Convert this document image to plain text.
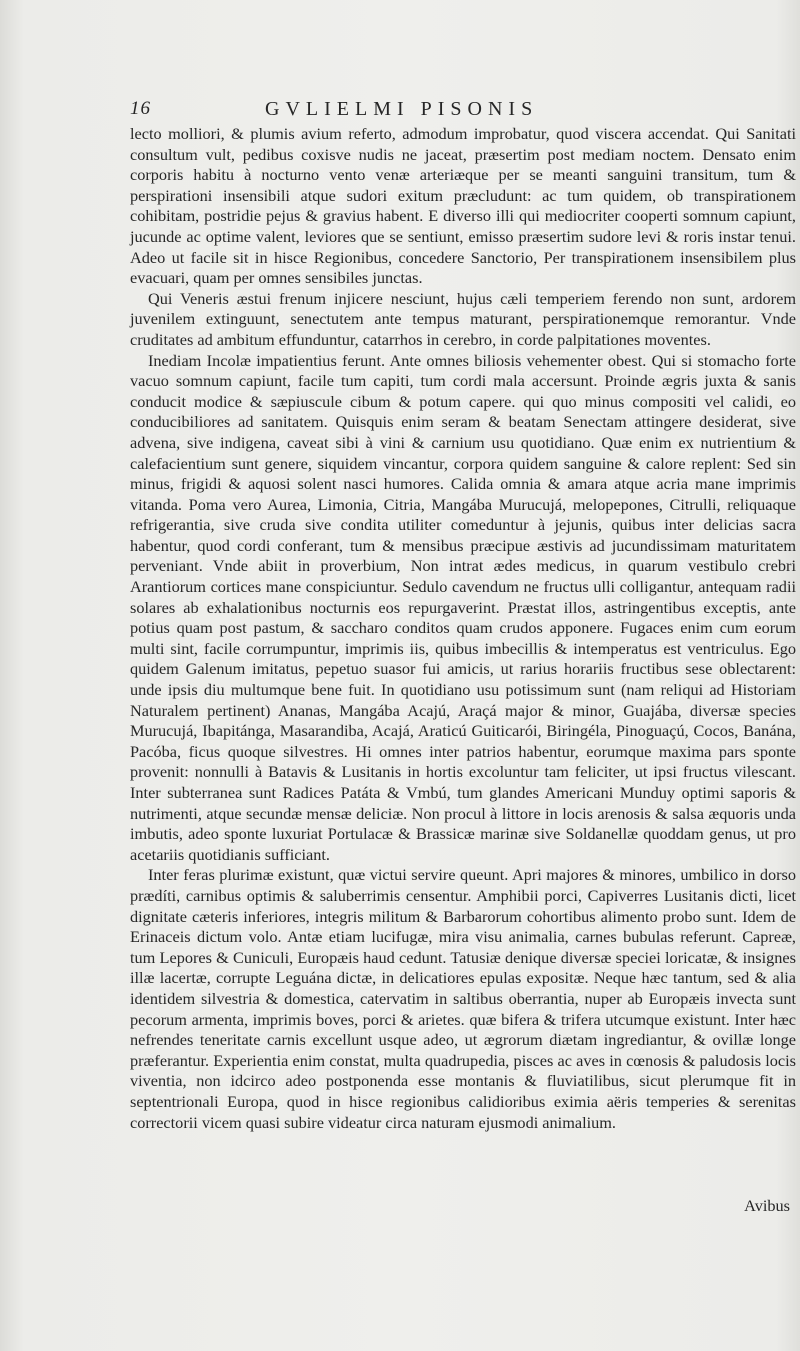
16	GVLIELMI PISONIS

lecto molliori, & plumis avium referto, admodum improbatur, quod viscera accendat. Qui Sanitati consultum vult, pedibus coxisve nudis ne jaceat, præsertim post mediam noctem. Densato enim corporis habitu à nocturno vento venæ arteriæque per se meanti sanguini transitum, tum & perspirationi insensibili atque sudori exitum præcludunt: ac tum quidem, ob transpirationem cohibitam, postridie pejus & gravius habent. E diverso illi qui mediocriter cooperti somnum capiunt, jucunde ac optime valent, leviores que se sentiunt, emisso præsertim sudore levi & roris instar tenui. Adeo ut facile sit in hisce Regionibus, concedere Sanctorio, Per transpirationem insensibilem plus evacuari, quam per omnes sensibiles junctas.

Qui Veneris æstui frenum injicere nesciunt, hujus cæli temperiem ferendo non sunt, ardorem juvenilem extinguunt, senectutem ante tempus maturant, perspirationemque remorantur. Vnde cruditates ad ambitum effunduntur, catarrhos in cerebro, in corde palpitationes moventes.

Inediam Incolæ impatientius ferunt. Ante omnes biliosis vehementer obest. Qui si stomacho forte vacuo somnum capiunt, facile tum capiti, tum cordi mala accersunt. Proinde ægris juxta & sanis conducit modice & sæpiuscule cibum & potum capere. qui quo minus compositi vel calidi, eo conducibiliores ad sanitatem. Quisquis enim seram & beatam Senectam attingere desiderat, sive advena, sive indigena, caveat sibi à vini & carnium usu quotidiano. Quæ enim ex nutrientium & calefacientium sunt genere, siquidem vincantur, corpora quidem sanguine & calore replent: Sed sin minus, frigidi & aquosi solent nasci humores. Calida omnia & amara atque acria mane imprimis vitanda. Poma vero Aurea, Limonia, Citria, Mangába Murucujá, melopepones, Citrulli, reliquaque refrigerantia, sive cruda sive condita utiliter comeduntur à jejunis, quibus inter delicias sacra habentur, quod cordi conferant, tum & mensibus præcipue æstivis ad jucundissimam maturitatem perveniant. Vnde abiit in proverbium, Non intrat ædes medicus, in quarum vestibulo crebri Arantiorum cortices mane conspiciuntur. Sedulo cavendum ne fructus ulli colligantur, antequam radii solares ab exhalationibus nocturnis eos repurgaverint. Præstat illos, astringentibus exceptis, ante potius quam post pastum, & saccharo conditos quam crudos apponere. Fugaces enim cum eorum multi sint, facile corrumpuntur, imprimis iis, quibus imbecillis & intemperatus est ventriculus. Ego quidem Galenum imitatus, pepetuo suasor fui amicis, ut rarius horariis fructibus sese oblectarent: unde ipsis diu multumque bene fuit. In quotidiano usu potissimum sunt (nam reliqui ad Historiam Naturalem pertinent) Ananas, Mangába Acajú, Araçá major & minor, Guajába, diversæ species Murucujá, Ibapitánga, Masarandiba, Acajá, Araticú Guiticarói, Biringéla, Pinoguaçú, Cocos, Banána, Pacóba, ficus quoque silvestres. Hi omnes inter patrios habentur, eorumque maxima pars sponte provenit: nonnulli à Batavis & Lusitanis in hortis excoluntur tam feliciter, ut ipsi fructus vilescant. Inter subterranea sunt Radices Patáta & Vmbú, tum glandes Americani Munduy optimi saporis & nutrimenti, atque secundæ mensæ deliciæ. Non procul à littore in locis arenosis & salsa æquoris unda imbutis, adeo sponte luxuriat Portulacæ & Brassicæ marinæ sive Soldanellæ quoddam genus, ut pro acetariis quotidianis sufficiant.

Inter feras plurimæ existunt, quæ victui servire queunt. Apri majores & minores, umbilico in dorso prædíti, carnibus optimis & saluberrimis censentur. Amphibii porci, Capiverres Lusitanis dicti, licet dignitate cæteris inferiores, integris militum & Barbarorum cohortibus alimento probo sunt. Idem de Erinaceis dictum volo. Antæ etiam lucifugæ, mira visu animalia, carnes bubulas referunt. Capreæ, tum Lepores & Cuniculi, Europæis haud cedunt. Tatusiæ denique diversæ speciei loricatæ, & insignes illæ lacertæ, corrupte Leguána dictæ, in delicatiores epulas expositæ. Neque hæc tantum, sed & alia identidem silvestria & domestica, catervatim in saltibus oberrantia, nuper ab Europæis invecta sunt pecorum armenta, imprimis boves, porci & arietes. quæ bifera & trifera utcumque existunt. Inter hæc nefrendes teneritate carnis excellunt usque adeo, ut ægrorum diætam ingrediantur, & ovillæ longe præferantur. Experientia enim constat, multa quadrupedia, pisces ac aves in cœnosis & paludosis locis viventia, non idcirco adeo postponenda esse montanis & fluviatilibus, sicut plerumque fit in septentrionali Europa, quod in hisce regionibus calidioribus eximia aëris temperies & serenitas correctorii vicem quasi subire videatur circa naturam ejusmodi animalium.

Avibus
